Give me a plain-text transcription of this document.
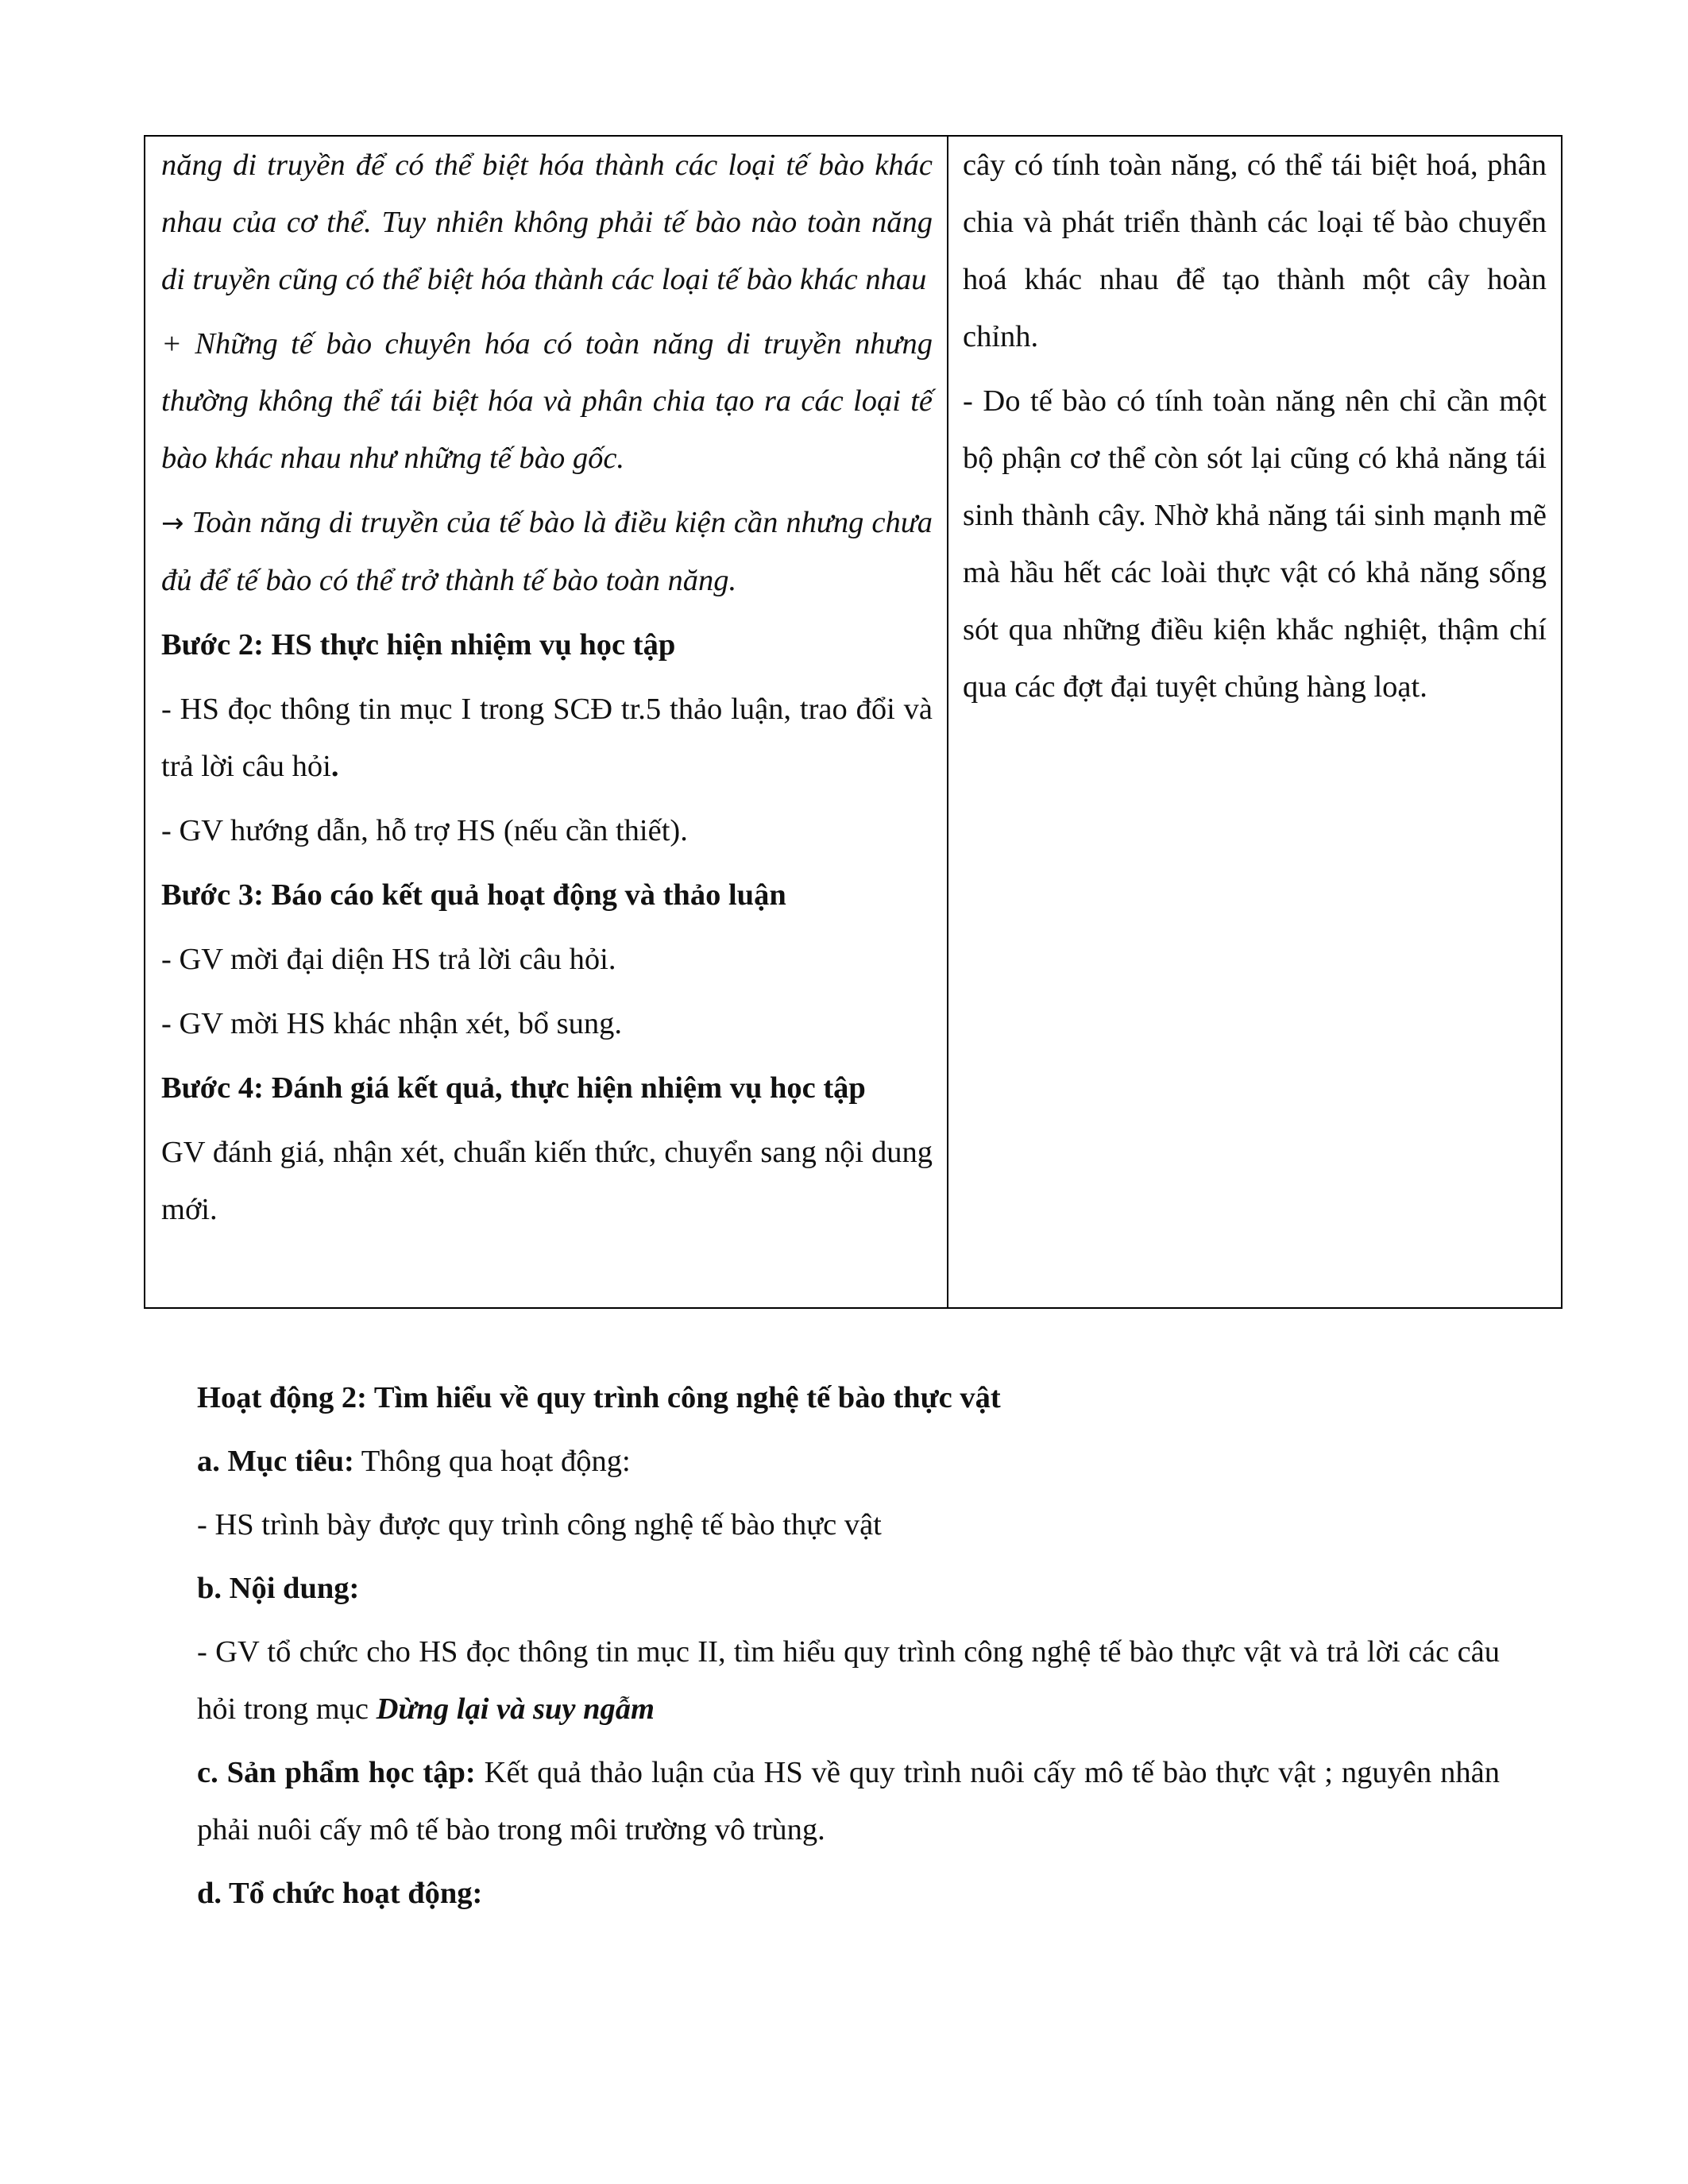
năng di truyền để có thể biệt hóa thành các loại tế bào khác nhau của cơ thể. Tuy nhiên không phải tế bào nào toàn năng di truyền cũng có thể biệt hóa thành các loại tế bào khác nhau

+ Những tế bào chuyên hóa có toàn năng di truyền nhưng thường không thể tái biệt hóa và phân chia tạo ra các loại tế bào khác nhau như những tế bào gốc.

→ Toàn năng di truyền của tế bào là điều kiện cần nhưng chưa đủ để tế bào có thể trở thành tế bào toàn năng.

Bước 2: HS thực hiện nhiệm vụ học tập

- HS đọc thông tin mục I trong SCĐ tr.5 thảo luận, trao đổi và trả lời câu hỏi.

- GV hướng dẫn, hỗ trợ HS (nếu cần thiết).

Bước 3: Báo cáo kết quả hoạt động và thảo luận

- GV mời đại diện HS trả lời câu hỏi.

- GV mời HS khác nhận xét, bổ sung.

Bước 4: Đánh giá kết quả, thực hiện nhiệm vụ học tập

GV đánh giá, nhận xét, chuẩn kiến thức, chuyển sang nội dung mới.

cây có tính toàn năng, có thể tái biệt hoá, phân chia và phát triển thành các loại tế bào chuyển hoá khác nhau để tạo thành một cây hoàn chỉnh.

- Do tế bào có tính toàn năng nên chỉ cần một bộ phận cơ thể còn sót lại cũng có khả năng tái sinh thành cây. Nhờ khả năng tái sinh mạnh mẽ mà hầu hết các loài thực vật có khả năng sống sót qua những điều kiện khắc nghiệt, thậm chí qua các đợt đại tuyệt chủng hàng loạt.

Hoạt động 2: Tìm hiểu về quy trình công nghệ tế bào thực vật

a. Mục tiêu: Thông qua hoạt động:

- HS trình bày được quy trình công nghệ tế bào thực vật

b. Nội dung:

- GV tổ chức cho HS đọc thông tin mục II, tìm hiểu quy trình công nghệ tế bào thực vật và trả lời các câu hỏi trong mục Dừng lại và suy ngẫm

c. Sản phẩm học tập: Kết quả thảo luận của HS về quy trình nuôi cấy mô tế bào thực vật ; nguyên nhân phải nuôi cấy mô tế bào trong môi trường vô trùng.

d. Tổ chức hoạt động:
